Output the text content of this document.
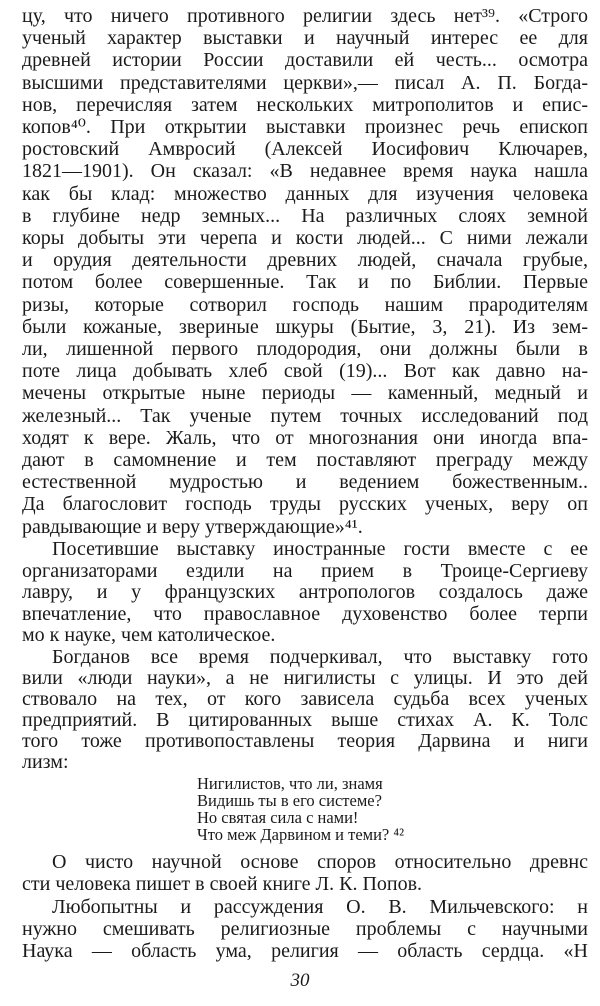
цу, что ничего противного религии здесь нет³⁹. «Строго
ученый характер выставки и научный интерес ее для
древней истории России доставили ей честь... осмотра
высшими представителями церкви»,— писал А. П. Богда-
нов, перечисляя затем нескольких митрополитов и епис-
копов⁴⁰. При открытии выставки произнес речь епископ
ростовский Амвросий (Алексей Иосифович Ключарев,
1821—1901). Он сказал: «В недавнее время наука нашла
как бы клад: множество данных для изучения человека
в глубине недр земных... На различных слоях земной
коры добыты эти черепа и кости людей... С ними лежали
и орудия деятельности древних людей, сначала грубые,
потом более совершенные. Так и по Библии. Первые
ризы, которые сотворил господь нашим прародителям
были кожаные, звериные шкуры (Бытие, 3, 21). Из зем-
ли, лишенной первого плодородия, они должны были в
поте лица добывать хлеб свой (19)... Вот как давно на-
мечены открытые ныне периоды — каменный, медный и
железный... Так ученые путем точных исследований под
ходят к вере. Жаль, что от многознания они иногда впа-
дают в самомнение и тем поставляют преграду между
естественной мудростью и ведением божественным..
Да благословит господь труды русских ученых, веру оп
равдывающие и веру утверждающие»⁴¹.
Посетившие выставку иностранные гости вместе с ее
организаторами ездили на прием в Троице-Сергиеву
лавру, и у французских антропологов создалось даже
впечатление, что православное духовенство более терпи
мо к науке, чем католическое.
Богданов все время подчеркивал, что выставку гото
вили «люди науки», а не нигилисты с улицы. И это дей
ствовало на тех, от кого зависела судьба всех ученых
предприятий. В цитированных выше стихах А. К. Толс
того тоже противопоставлены теория Дарвина и ниги
лизм:
О чисто научной основе споров относительно древнс
сти человека пишет в своей книге Л. К. Попов.
Любопытны и рассуждения О. В. Мильчевского: н
нужно смешивать религиозные проблемы с научными
Наука — область ума, религия — область сердца. «Н
Нигилистов, что ли, знамя
Видишь ты в его системе?
Но святая сила с нами!
Что меж Дарвином и теми? ⁴²
30
